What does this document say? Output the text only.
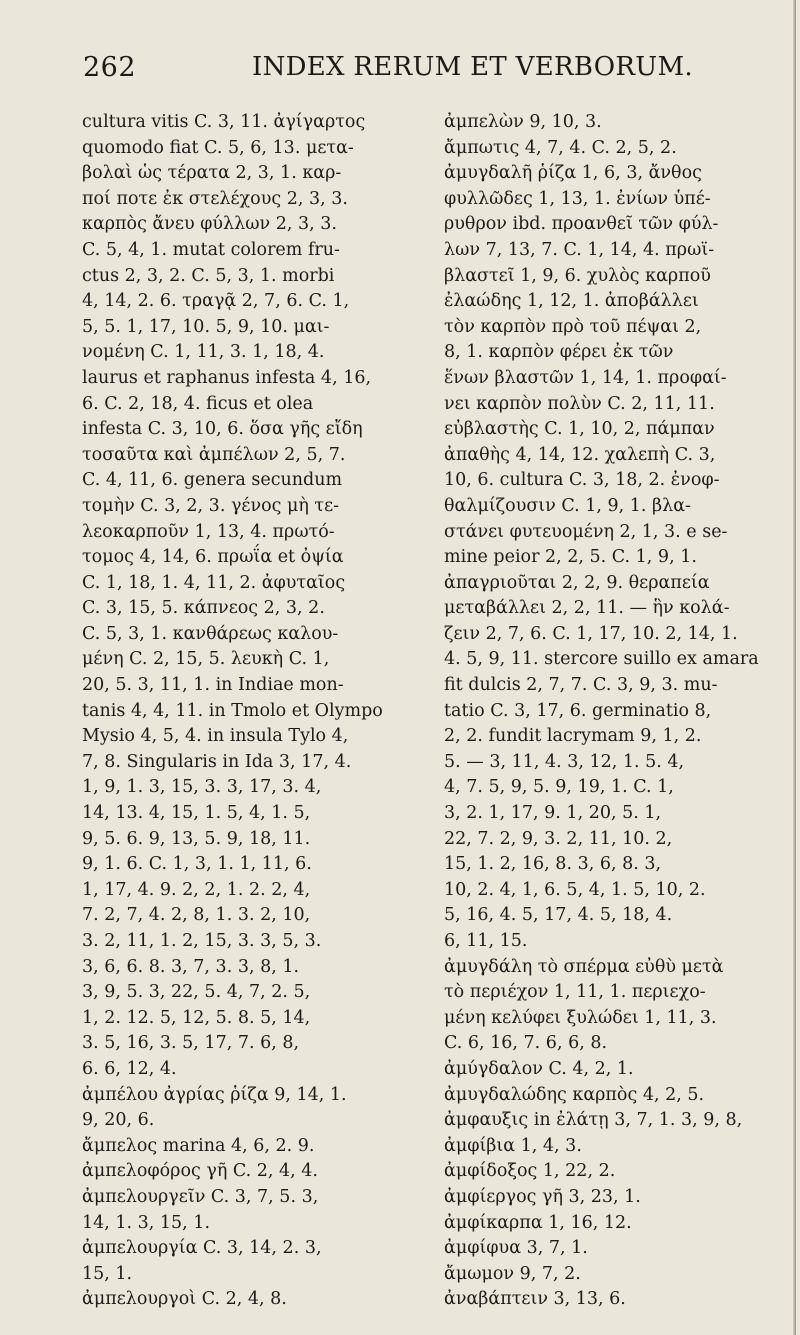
262	INDEX RERUM ET VERBORUM.
cultura vitis C. 3, 11. ἀγίγαρτος
quomodo fiat C. 5, 6, 13. μετα-
βολαὶ ὡς τέρατα 2, 3, 1. καρ-
ποί ποτε ἐκ στελέχους 2, 3, 3.
καρπὸς ἄνευ φύλλων 2, 3, 3.
C. 5, 4, 1. mutat colorem fru-
ctus 2, 3, 2. C. 5, 3, 1. morbi
4, 14, 2. 6. τραγᾷ 2, 7, 6. C. 1,
5, 5. 1, 17, 10. 5, 9, 10. μαι-
νομένη C. 1, 11, 3. 1, 18, 4.
laurus et raphanus infesta 4, 16,
6. C. 2, 18, 4. ficus et olea
infesta C. 3, 10, 6. ὅσα γῆς εἴδη
τοσαῦτα καὶ ἀμπέλων 2, 5, 7.
C. 4, 11, 6. genera secundum
τομὴν C. 3, 2, 3. γένος μὴ τε-
λεοκαρποῦν 1, 13, 4. πρωτό-
τομος 4, 14, 6. πρωΐα et ὀψία
C. 1, 18, 1. 4, 11, 2. ἀφυταῖος
C. 3, 15, 5. κάπνεος 2, 3, 2.
C. 5, 3, 1. κανθάρεως καλου-
μένη C. 2, 15, 5. λευκὴ C. 1,
20, 5. 3, 11, 1. in Indiae mon-
tanis 4, 4, 11. in Tmolo et Olympo
Mysio 4, 5, 4. in insula Tylo 4,
7, 8. Singularis in Ida 3, 17, 4.
1, 9, 1. 3, 15, 3. 3, 17, 3. 4,
14, 13. 4, 15, 1. 5, 4, 1. 5,
9, 5. 6. 9, 13, 5. 9, 18, 11.
9, 1. 6. C. 1, 3, 1. 1, 11, 6.
1, 17, 4. 9. 2, 2, 1. 2. 2, 4,
7. 2, 7, 4. 2, 8, 1. 3. 2, 10,
3. 2, 11, 1. 2, 15, 3. 3, 5, 3.
3, 6, 6. 8. 3, 7, 3. 3, 8, 1.
3, 9, 5. 3, 22, 5. 4, 7, 2. 5,
1, 2. 12. 5, 12, 5. 8. 5, 14,
3. 5, 16, 3. 5, 17, 7. 6, 8,
6. 6, 12, 4.
ἀμπέλου ἀγρίας ῥίζα 9, 14, 1.
9, 20, 6.
ἄμπελος marina 4, 6, 2. 9.
ἀμπελοφόρος γῆ C. 2, 4, 4.
ἀμπελουργεῖν C. 3, 7, 5. 3,
14, 1. 3, 15, 1.
ἀμπελουργία C. 3, 14, 2. 3,
15, 1.
ἀμπελουργοὶ C. 2, 4, 8.
ἀμπελὼν 9, 10, 3.
ἄμπωτις 4, 7, 4. C. 2, 5, 2.
ἀμυγδαλῆ ῥίζα 1, 6, 3, ἄνθος
φυλλῶδες 1, 13, 1. ἐνίων ὑπέ-
ρυθρον ibd. προανθεῖ τῶν φύλ-
λων 7, 13, 7. C. 1, 14, 4. πρωϊ-
βλαστεῖ 1, 9, 6. χυλὸς καρποῦ
ἐλαώδης 1, 12, 1. ἀποβάλλει
τὸν καρπὸν πρὸ τοῦ πέψαι 2,
8, 1. καρπὸν φέρει ἐκ τῶν
ἕνων βλαστῶν 1, 14, 1. προφαί-
νει καρπὸν πολὺν C. 2, 11, 11.
εὐβλαστὴς C. 1, 10, 2, πάμπαν
ἀπαθὴς 4, 14, 12. χαλεπὴ C. 3,
10, 6. cultura C. 3, 18, 2. ἐνοφ-
θαλμίζουσιν C. 1, 9, 1. βλα-
στάνει φυτευομένη 2, 1, 3. e se-
mine peior 2, 2, 5. C. 1, 9, 1.
ἀπαγριοῦται 2, 2, 9. θεραπεία
μεταβάλλει 2, 2, 11. — ἣν κολά-
ζειν 2, 7, 6. C. 1, 17, 10. 2, 14, 1.
4. 5, 9, 11. stercore suillo ex amara
fit dulcis 2, 7, 7. C. 3, 9, 3. mu-
tatio C. 3, 17, 6. germinatio 8,
2, 2. fundit lacrymam 9, 1, 2.
5. — 3, 11, 4. 3, 12, 1. 5. 4,
4, 7. 5, 9, 5. 9, 19, 1. C. 1,
3, 2. 1, 17, 9. 1, 20, 5. 1,
22, 7. 2, 9, 3. 2, 11, 10. 2,
15, 1. 2, 16, 8. 3, 6, 8. 3,
10, 2. 4, 1, 6. 5, 4, 1. 5, 10, 2.
5, 16, 4. 5, 17, 4. 5, 18, 4.
6, 11, 15.
ἀμυγδάλη τὸ σπέρμα εὐθὺ μετὰ
τὸ περιέχον 1, 11, 1. περιεχο-
μένη κελύφει ξυλώδει 1, 11, 3.
C. 6, 16, 7. 6, 6, 8.
ἀμύγδαλον C. 4, 2, 1.
ἀμυγδαλώδης καρπὸς 4, 2, 5.
ἀμφαυξις in ἐλάτῃ 3, 7, 1. 3, 9, 8,
ἀμφίβια 1, 4, 3.
ἀμφίδοξος 1, 22, 2.
ἀμφίεργος γῆ 3, 23, 1.
ἀμφίκαρπα 1, 16, 12.
ἀμφίφυα 3, 7, 1.
ἄμωμον 9, 7, 2.
ἀναβάπτειν 3, 13, 6.
